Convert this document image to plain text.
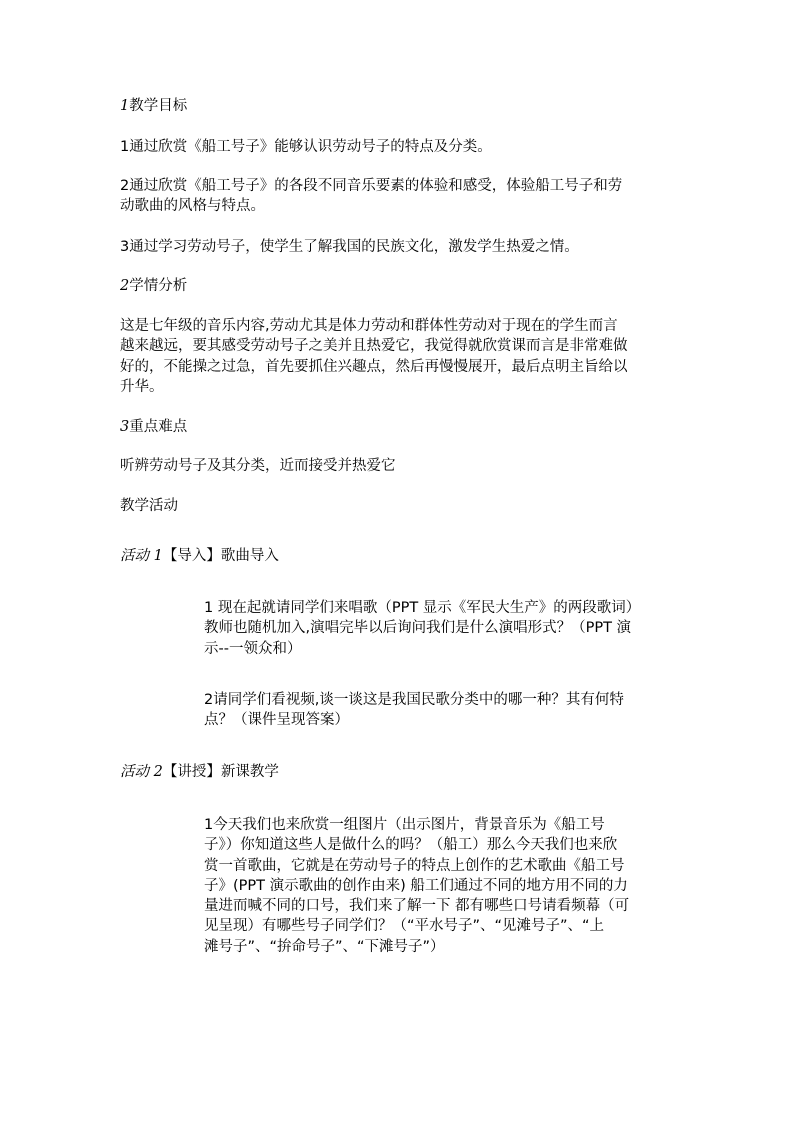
1教学目标

1通过欣赏《船工号子》能够认识劳动号子的特点及分类。

2通过欣赏《船工号子》的各段不同音乐要素的体验和感受，体验船工号子和劳
动歌曲的风格与特点。

3通过学习劳动号子，使学生了解我国的民族文化，激发学生热爱之情。

2学情分析

这是七年级的音乐内容,劳动尤其是体力劳动和群体性劳动对于现在的学生而言
越来越远，要其感受劳动号子之美并且热爱它，我觉得就欣赏课而言是非常难做
好的，不能操之过急，首先要抓住兴趣点，然后再慢慢展开，最后点明主旨给以
升华。

3重点难点

听辨劳动号子及其分类，近而接受并热爱它

教学活动

活动 1【导入】歌曲导入

1 现在起就请同学们来唱歌（PPT 显示《军民大生产》的两段歌词）
教师也随机加入,演唱完毕以后询问我们是什么演唱形式？（PPT 演
示--一领众和）
2请同学们看视频,谈一谈这是我国民歌分类中的哪一种？其有何特
点？（课件呈现答案）

活动 2【讲授】新课教学

1今天我们也来欣赏一组图片（出示图片，背景音乐为《船工号
子》）你知道这些人是做什么的吗？（船工）那么今天我们也来欣
赏一首歌曲，它就是在劳动号子的特点上创作的艺术歌曲《船工号
子》(PPT 演示歌曲的创作由来) 船工们通过不同的地方用不同的力
量进而喊不同的口号，我们来了解一下 都有哪些口号请看频幕（可
见呈现）有哪些号子同学们？（“平水号子”、“见滩号子”、“上
滩号子”、“拚命号子”、“下滩号子”）
